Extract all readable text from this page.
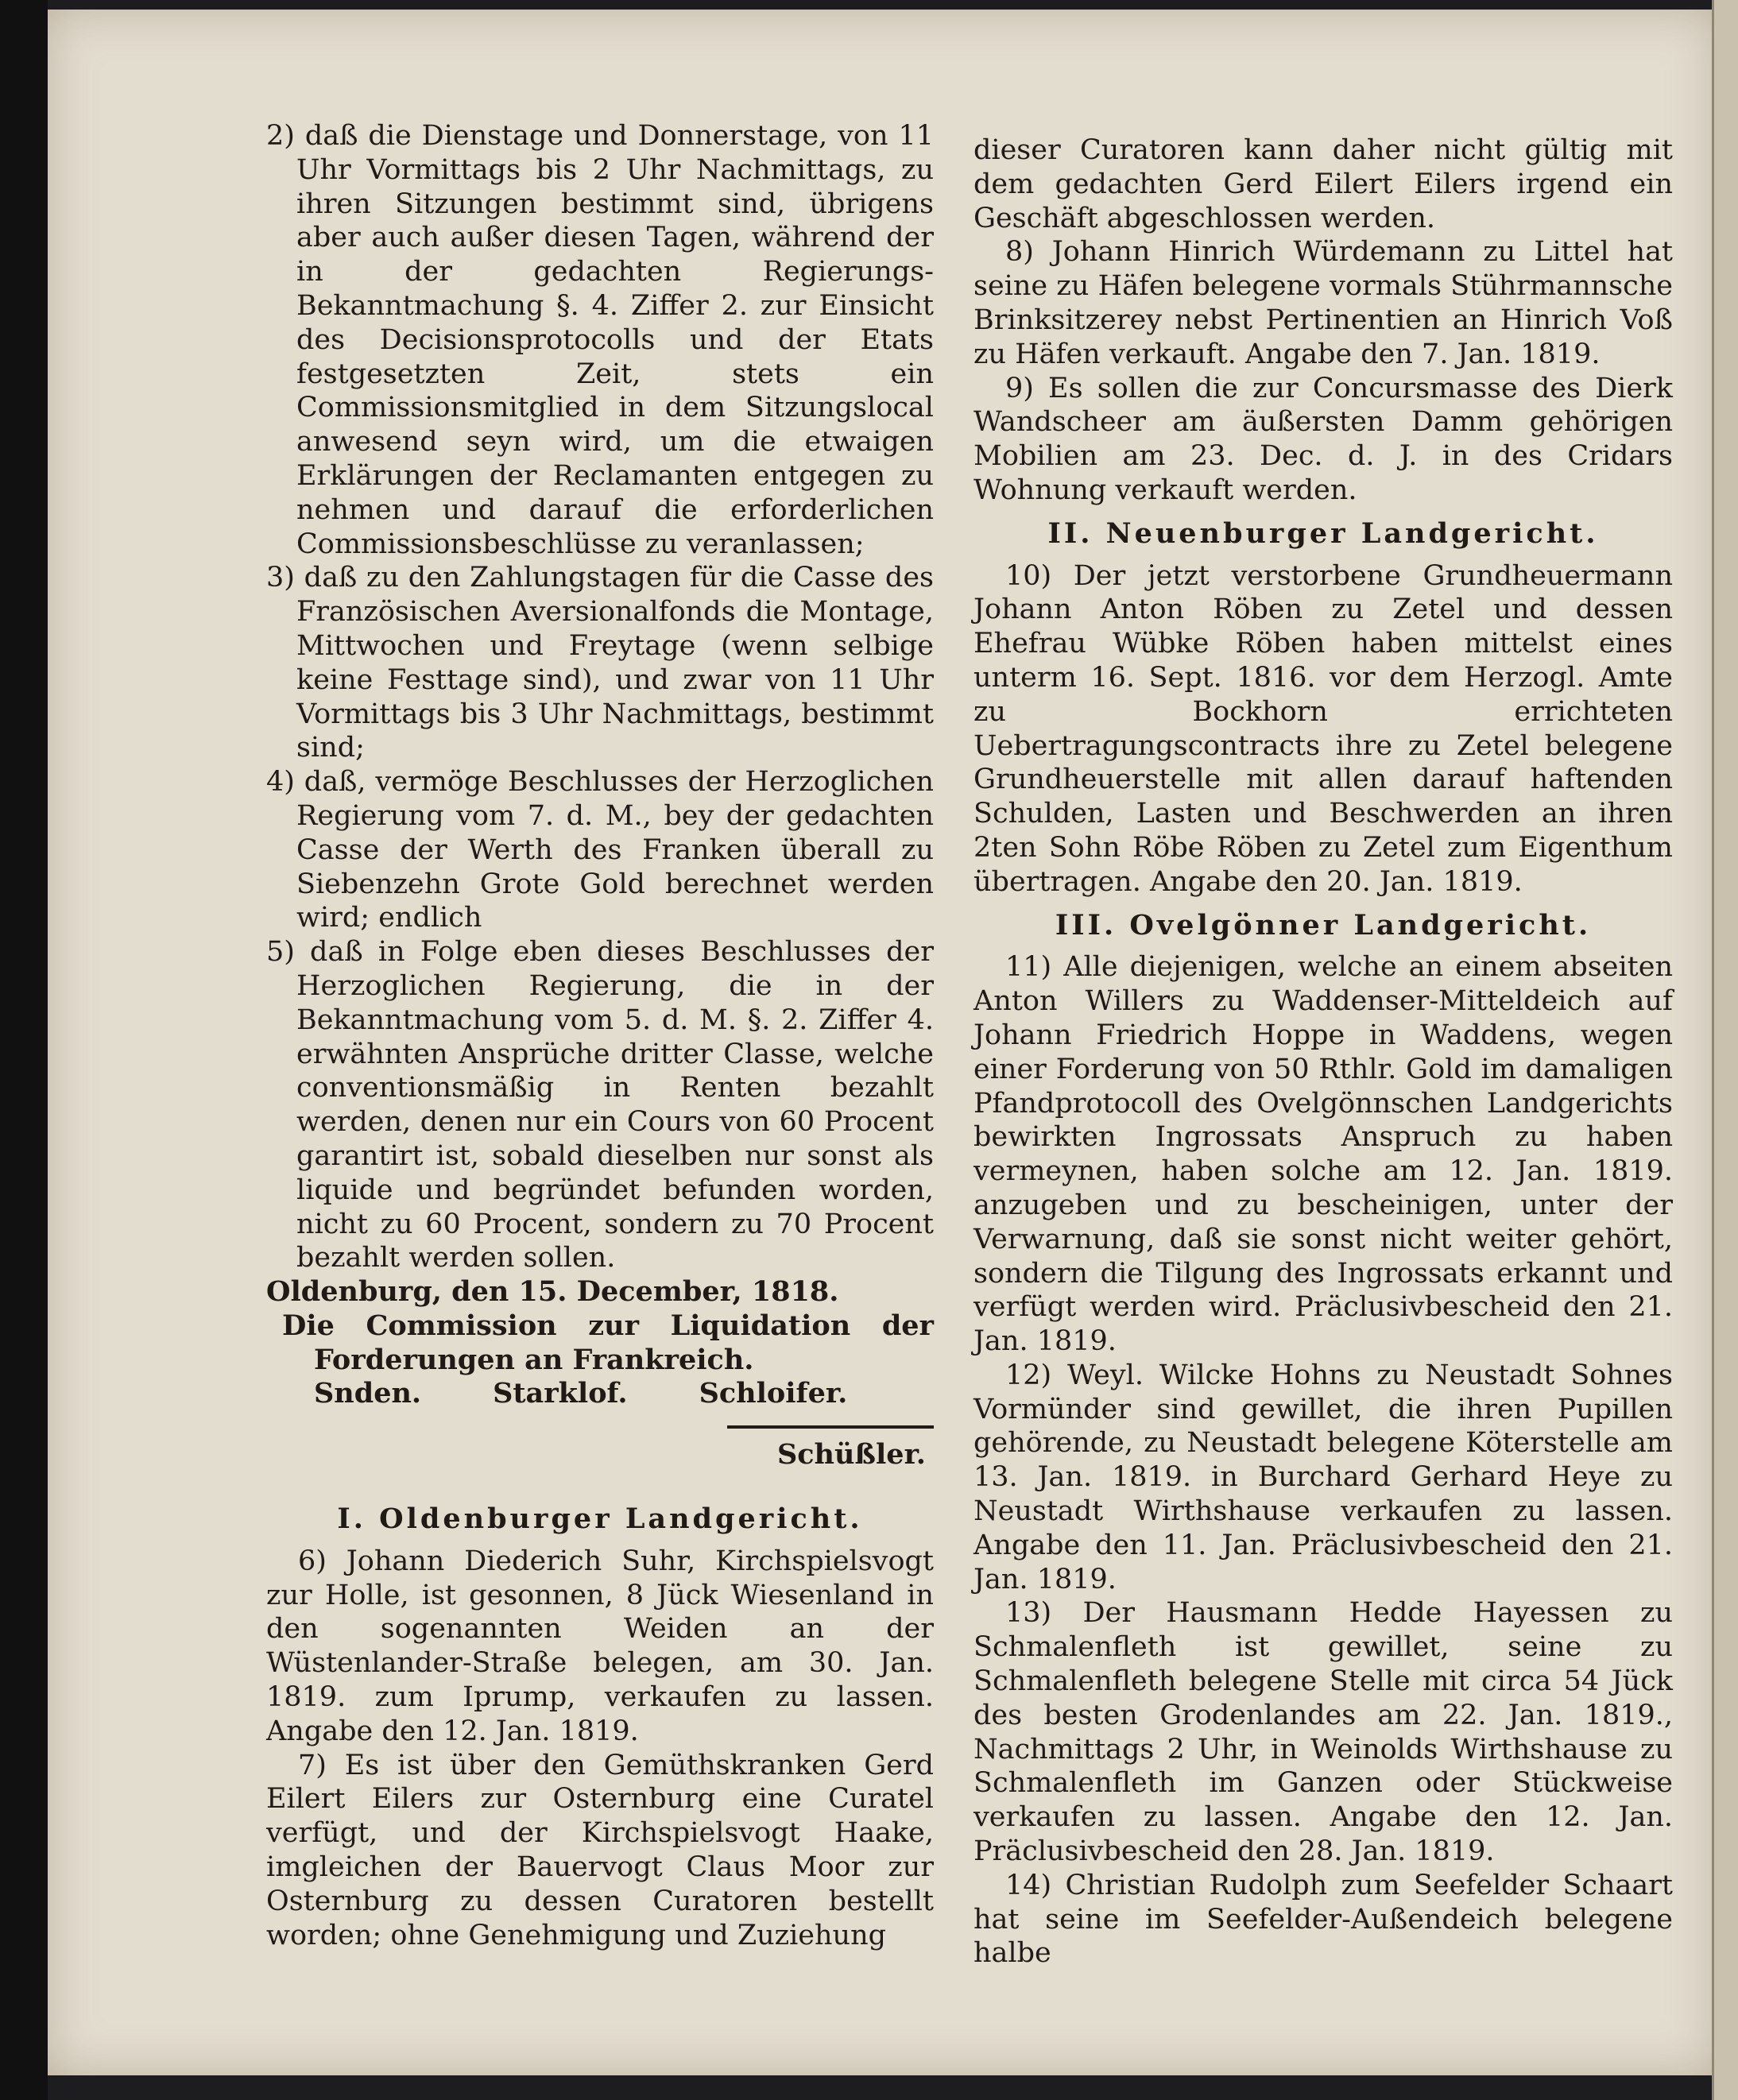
2) daß die Dienstage und Donnerstage, von 11 Uhr Vormittags bis 2 Uhr Nachmittags, zu ihren Sitzungen bestimmt sind, übrigens aber auch außer diesen Tagen, während der in der gedachten Regierungs-Bekanntmachung §. 4. Ziffer 2. zur Einsicht des Decisionsprotocolls und der Etats festgesetzten Zeit, stets ein Commissionsmitglied in dem Sitzungslocal anwesend seyn wird, um die etwaigen Erklärungen der Reclamanten entgegen zu nehmen und darauf die erforderlichen Commissionsbeschlüsse zu veranlassen;

3) daß zu den Zahlungstagen für die Casse des Französischen Aversionalfonds die Montage, Mittwochen und Freytage (wenn selbige keine Festtage sind), und zwar von 11 Uhr Vormittags bis 3 Uhr Nachmittags, bestimmt sind;

4) daß, vermöge Beschlusses der Herzoglichen Regierung vom 7. d. M., bey der gedachten Casse der Werth des Franken überall zu Siebenzehn Grote Gold berechnet werden wird; endlich

5) daß in Folge eben dieses Beschlusses der Herzoglichen Regierung, die in der Bekanntmachung vom 5. d. M. §. 2. Ziffer 4. erwähnten Ansprüche dritter Classe, welche conventionsmäßig in Renten bezahlt werden, denen nur ein Cours von 60 Procent garantirt ist, sobald dieselben nur sonst als liquide und begründet befunden worden, nicht zu 60 Procent, sondern zu 70 Procent bezahlt werden sollen.

Oldenburg, den 15. December, 1818.

Die Commission zur Liquidation der Forderungen an Frankreich.

Snden.	Starklof.	Schloifer.

Schüßler.

I. Oldenburger Landgericht.

6) Johann Diederich Suhr, Kirchspielsvogt zur Holle, ist gesonnen, 8 Jück Wiesenland in den sogenannten Weiden an der Wüstenlander-Straße belegen, am 30. Jan. 1819. zum Iprump, verkaufen zu lassen. Angabe den 12. Jan. 1819.

7) Es ist über den Gemüthskranken Gerd Eilert Eilers zur Osternburg eine Curatel verfügt, und der Kirchspielsvogt Haake, imgleichen der Bauervogt Claus Moor zur Osternburg zu dessen Curatoren bestellt worden; ohne Genehmigung und Zuziehung

dieser Curatoren kann daher nicht gültig mit dem gedachten Gerd Eilert Eilers irgend ein Geschäft abgeschlossen werden.

8) Johann Hinrich Würdemann zu Littel hat seine zu Häfen belegene vormals Stührmannsche Brinksitzerey nebst Pertinentien an Hinrich Voß zu Häfen verkauft. Angabe den 7. Jan. 1819.

9) Es sollen die zur Concursmasse des Dierk Wandscheer am äußersten Damm gehörigen Mobilien am 23. Dec. d. J. in des Cridars Wohnung verkauft werden.

II. Neuenburger Landgericht.

10) Der jetzt verstorbene Grundheuermann Johann Anton Röben zu Zetel und dessen Ehefrau Wübke Röben haben mittelst eines unterm 16. Sept. 1816. vor dem Herzogl. Amte zu Bockhorn errichteten Uebertragungscontracts ihre zu Zetel belegene Grundheuerstelle mit allen darauf haftenden Schulden, Lasten und Beschwerden an ihren 2ten Sohn Röbe Röben zu Zetel zum Eigenthum übertragen. Angabe den 20. Jan. 1819.

III. Ovelgönner Landgericht.

11) Alle diejenigen, welche an einem abseiten Anton Willers zu Waddenser-Mitteldeich auf Johann Friedrich Hoppe in Waddens, wegen einer Forderung von 50 Rthlr. Gold im damaligen Pfandprotocoll des Ovelgönnschen Landgerichts bewirkten Ingrossats Anspruch zu haben vermeynen, haben solche am 12. Jan. 1819. anzugeben und zu bescheinigen, unter der Verwarnung, daß sie sonst nicht weiter gehört, sondern die Tilgung des Ingrossats erkannt und verfügt werden wird. Präclusivbescheid den 21. Jan. 1819.

12) Weyl. Wilcke Hohns zu Neustadt Sohnes Vormünder sind gewillet, die ihren Pupillen gehörende, zu Neustadt belegene Köterstelle am 13. Jan. 1819. in Burchard Gerhard Heye zu Neustadt Wirthshause verkaufen zu lassen. Angabe den 11. Jan. Präclusivbescheid den 21. Jan. 1819.

13) Der Hausmann Hedde Hayessen zu Schmalenfleth ist gewillet, seine zu Schmalenfleth belegene Stelle mit circa 54 Jück des besten Grodenlandes am 22. Jan. 1819., Nachmittags 2 Uhr, in Weinolds Wirthshause zu Schmalenfleth im Ganzen oder Stückweise verkaufen zu lassen. Angabe den 12. Jan. Präclusivbescheid den 28. Jan. 1819.

14) Christian Rudolph zum Seefelder Schaart hat seine im Seefelder-Außendeich belegene halbe
